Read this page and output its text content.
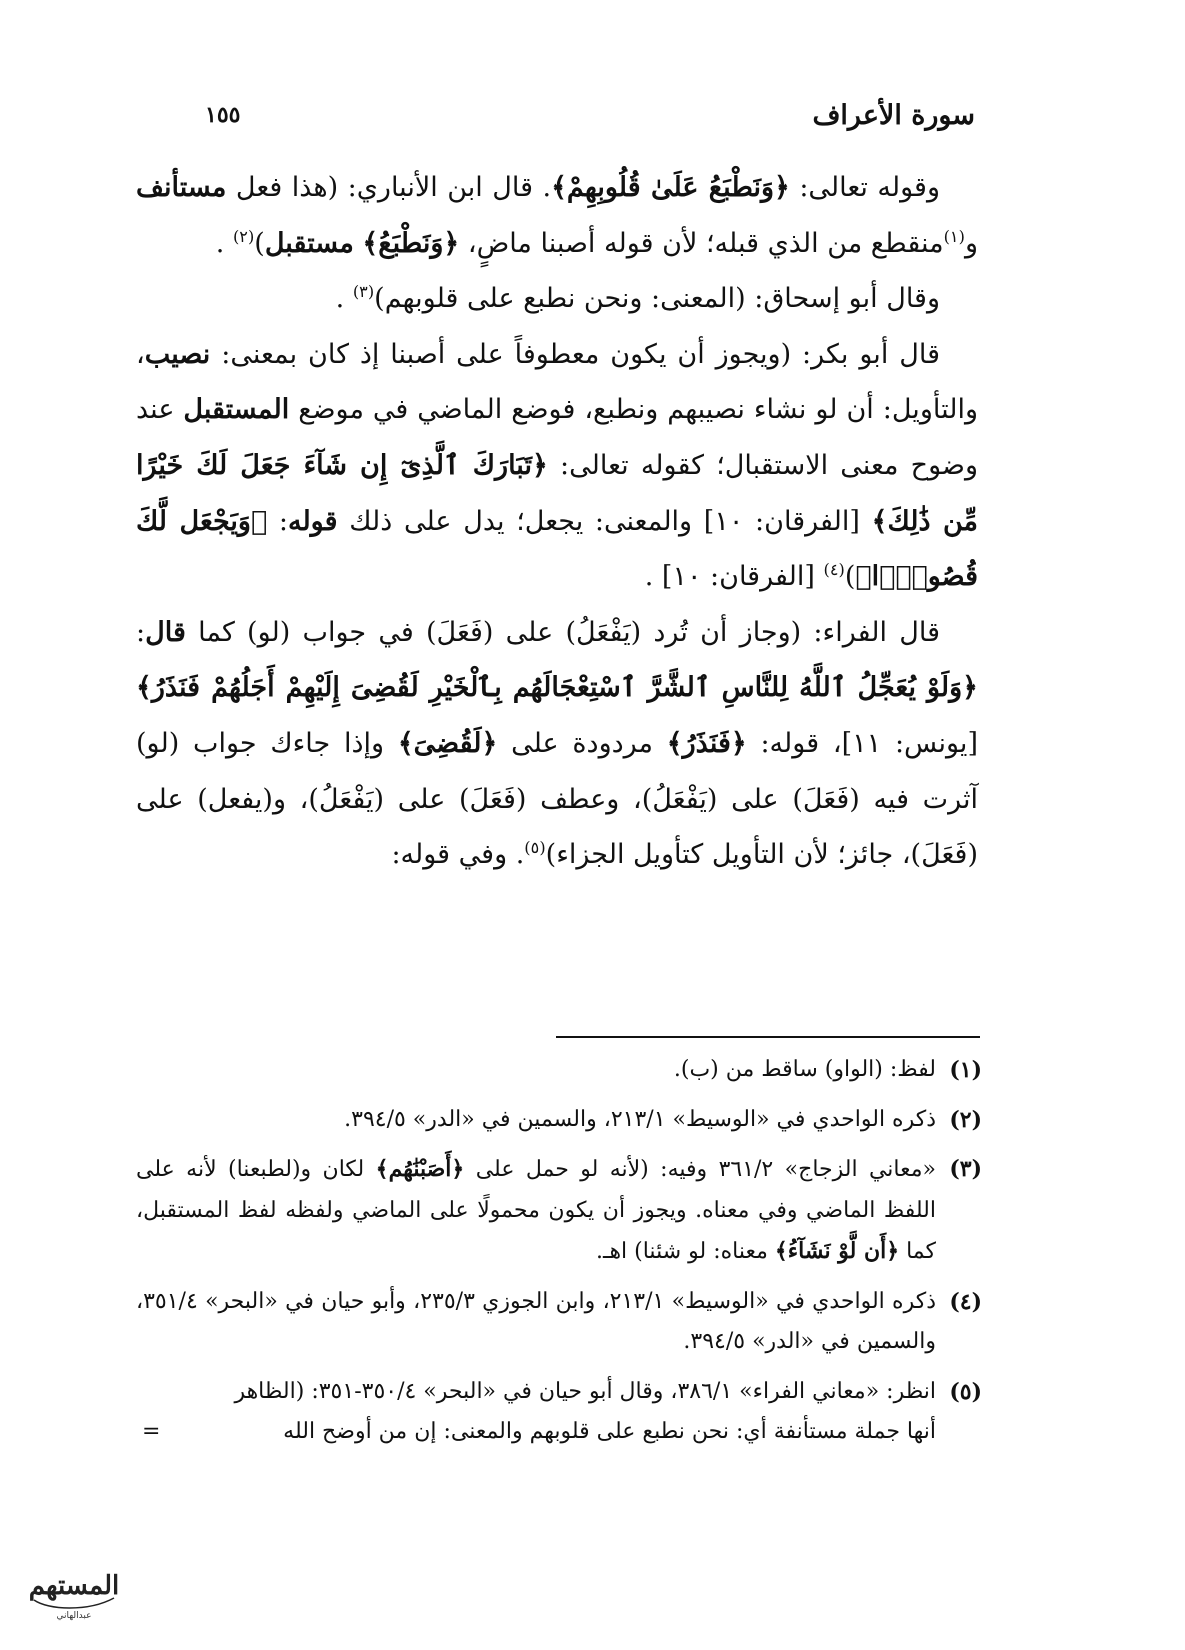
سورة الأعراف
١٥٥

وقوله تعالى: ﴿وَنَطْبَعُ عَلَىٰ قُلُوبِهِمْ﴾. قال ابن الأنباري: (هذا فعل مستأنف و$^{(١)}$منقطع من الذي قبله؛ لأن قوله أصبنا ماضٍ، ﴿وَنَطْبَعُ﴾ مستقبل)$^{(٢)}$ .

وقال أبو إسحاق: (المعنى: ونحن نطبع على قلوبهم)$^{(٣)}$ .

قال أبو بكر: (ويجوز أن يكون معطوفاً على أصبنا إذ كان بمعنى: نصيب، والتأويل: أن لو نشاء نصيبهم ونطبع، فوضع الماضي في موضع المستقبل عند وضوح معنى الاستقبال؛ كقوله تعالى: ﴿تَبَارَكَ ٱلَّذِىٓ إِن شَآءَ جَعَلَ لَكَ خَيْرًا مِّن ذَٰلِكَ﴾ [الفرقان: ١٠] والمعنى: يجعل؛ يدل على ذلك قوله: ﴿وَيَجْعَل لَّكَ قُصُورًۢا﴾)$^{(٤)}$ [الفرقان: ١٠] .

قال الفراء: (وجاز أن تُرد (يَفْعَلُ) على (فَعَلَ) في جواب (لو) كما قال: ﴿وَلَوْ يُعَجِّلُ ٱللَّهُ لِلنَّاسِ ٱلشَّرَّ ٱسْتِعْجَالَهُم بِٱلْخَيْرِ لَقُضِىَ إِلَيْهِمْ أَجَلُهُمْ فَنَذَرُ﴾ [يونس: ١١]، قوله: ﴿فَنَذَرُ﴾ مردودة على ﴿لَقُضِىَ﴾ وإذا جاءك جواب (لو) آثرت فيه (فَعَلَ) على (يَفْعَلُ)، وعطف (فَعَلَ) على (يَفْعَلُ)، و(يفعل) على (فَعَلَ)، جائز؛ لأن التأويل كتأويل الجزاء)$^{(٥)}$. وفي قوله:

(١)
لفظ: (الواو) ساقط من (ب).
(٢)
ذكره الواحدي في «الوسيط» ٢١٣/١، والسمين في «الدر» ٣٩٤/٥.
(٣)
«معاني الزجاج» ٣٦١/٢ وفيه: (لأنه لو حمل على ﴿أَصَبْنَٰهُم﴾ لكان و(لطبعنا) لأنه على اللفظ الماضي وفي معناه. ويجوز أن يكون محمولًا على الماضي ولفظه لفظ المستقبل، كما ﴿أَن لَّوْ نَشَآءُ﴾ معناه: لو شئنا) اهـ.
(٤)
ذكره الواحدي في «الوسيط» ٢١٣/١، وابن الجوزي ٢٣٥/٣، وأبو حيان في «البحر» ٣٥١/٤، والسمين في «الدر» ٣٩٤/٥.
(٥)
انظر: «معاني الفراء» ٣٨٦/١، وقال أبو حيان في «البحر» ٣٥٠/٤-٣٥١: (الظاهر
أنها جملة مستأنفة أي: نحن نطبع على قلوبهم والمعنى: إن من أوضح الله
=
المستهم
عبدالهاني
